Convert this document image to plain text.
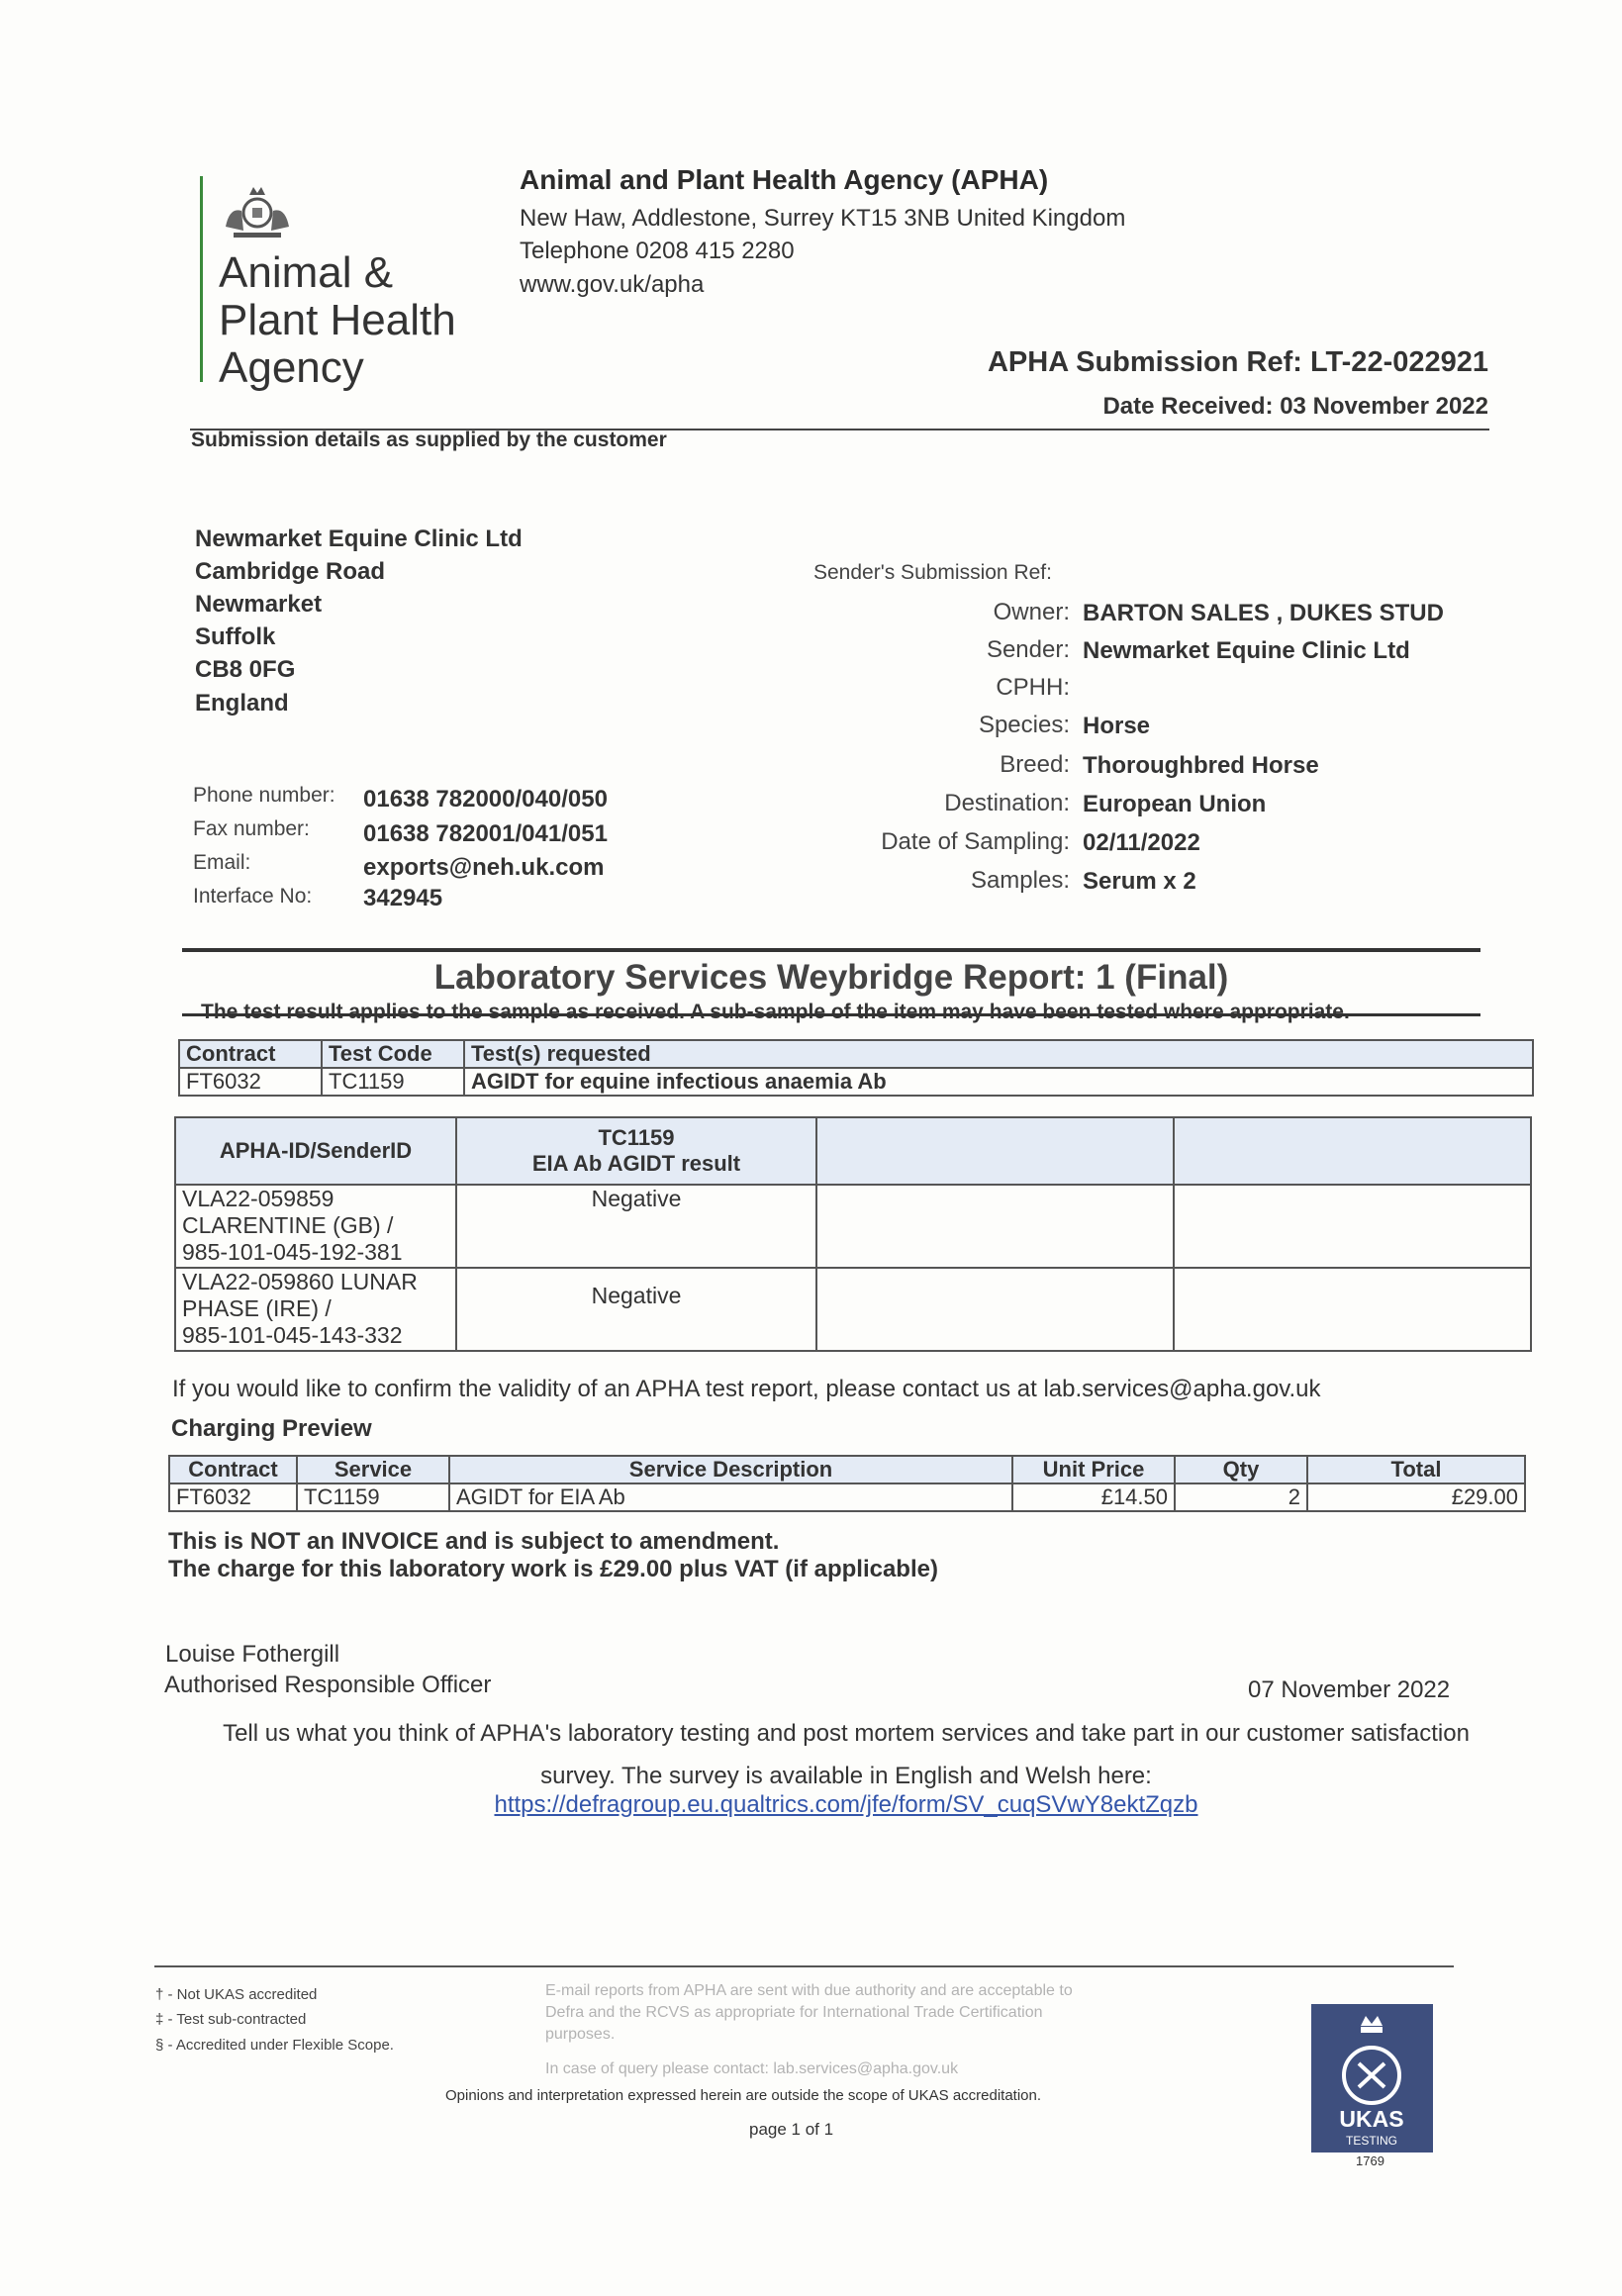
Animal &
Plant Health
Agency
Animal and Plant Health Agency (APHA)
New Haw, Addlestone, Surrey KT15 3NB United Kingdom
Telephone 0208 415 2280
www.gov.uk/apha
APHA Submission Ref: LT-22-022921
Date Received: 03 November 2022
Submission details as supplied by the customer
Newmarket Equine Clinic Ltd
Cambridge Road
Newmarket
Suffolk
CB8 0FG
England
Phone number: 01638 782000/040/050
Fax number: 01638 782001/041/051
Email:	exports@neh.uk.com
Interface No: 342945
Sender's Submission Ref:
Owner: BARTON SALES , DUKES STUD
Sender: Newmarket Equine Clinic Ltd
CPHH:
Species: Horse
Breed: Thoroughbred Horse
Destination: European Union
Date of Sampling: 02/11/2022
Samples: Serum x 2
Laboratory Services Weybridge Report: 1 (Final)
The test result applies to the sample as received. A sub-sample of the item may have been tested where appropriate.
Contract	Test Code	Test(s) requested
FT6032	TC1159	AGIDT for equine infectious anaemia Ab
APHA-ID/SenderID	TC1159
EIA Ab AGIDT result		

VLA22-059859
CLARENTINE (GB) /
985-101-045-192-381	Negative		

VLA22-059860 LUNAR
PHASE (IRE) /
985-101-045-143-332	Negative		
If you would like to confirm the validity of an APHA test report, please contact us at lab.services@apha.gov.uk
Charging Preview
Contract	Service	Service Description	Unit Price	Qty	Total
FT6032	TC1159	AGIDT for EIA Ab	£14.50	2	£29.00
This is NOT an INVOICE and is subject to amendment.
The charge for this laboratory work is £29.00 plus VAT (if applicable)
Louise Fothergill
Authorised Responsible Officer	07 November 2022
Tell us what you think of APHA's laboratory testing and post mortem services and take part in our customer satisfaction
survey. The survey is available in English and Welsh here:
https://defragroup.eu.qualtrics.com/jfe/form/SV_cuqSVwY8ektZqzb
† - Not UKAS accredited
‡ - Test sub-contracted
§ - Accredited under Flexible Scope.
E-mail reports from APHA are sent with due authority and are acceptable to
Defra and the RCVS as appropriate for International Trade Certification
purposes.
In case of query please contact: lab.services@apha.gov.uk
Opinions and interpretation expressed herein are outside the scope of UKAS accreditation.
page 1 of 1	UKAS
TESTING
1769
